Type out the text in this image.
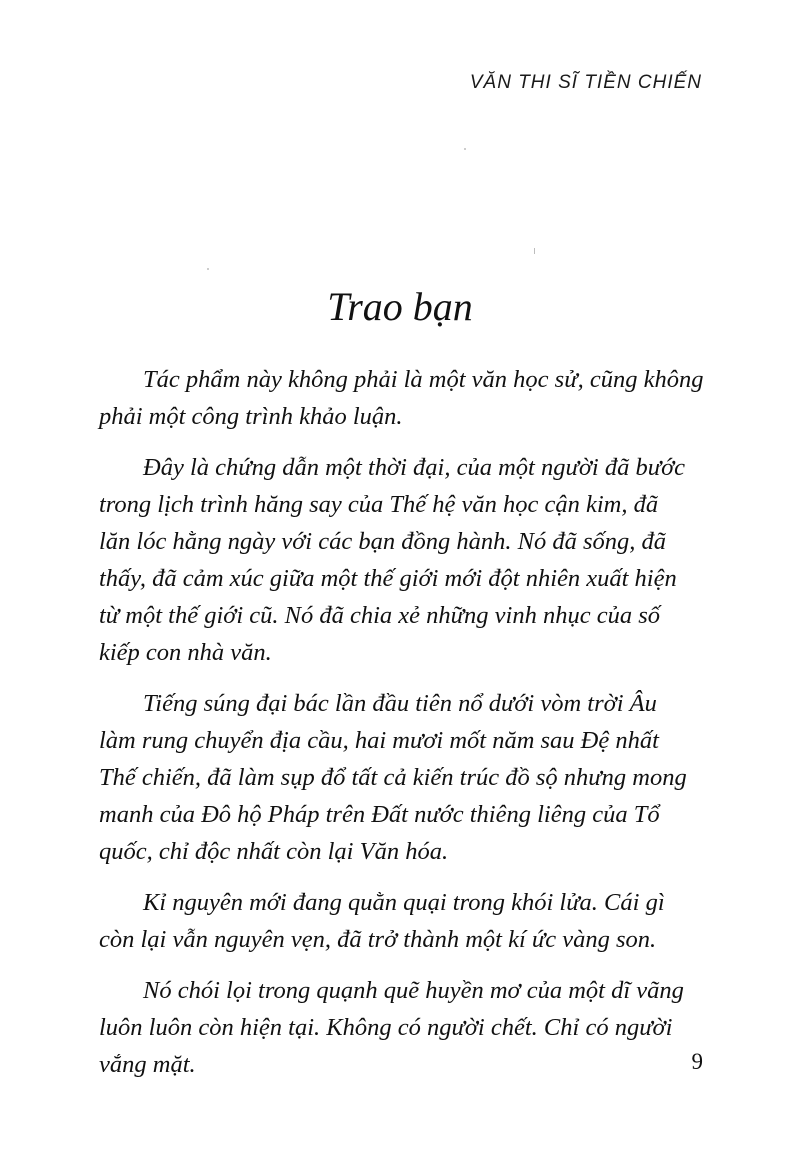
VĂN THI SĨ TIỀN CHIẾN
Trao bạn

Tác phẩm này không phải là một văn học sử, cũng không
phải một công trình khảo luận.

Đây là chứng dẫn một thời đại, của một người đã bước
trong lịch trình hăng say của Thế hệ văn học cận kim, đã
lăn lóc hằng ngày với các bạn đồng hành. Nó đã sống, đã
thấy, đã cảm xúc giữa một thế giới mới đột nhiên xuất hiện
từ một thế giới cũ. Nó đã chia xẻ những vinh nhục của số
kiếp con nhà văn.

Tiếng súng đại bác lần đầu tiên nổ dưới vòm trời Âu
làm rung chuyển địa cầu, hai mươi mốt năm sau Đệ nhất
Thế chiến, đã làm sụp đổ tất cả kiến trúc đồ sộ nhưng mong
manh của Đô hộ Pháp trên Đất nước thiêng liêng của Tổ
quốc, chỉ độc nhất còn lại Văn hóa.

Kỉ nguyên mới đang quằn quại trong khói lửa. Cái gì
còn lại vẫn nguyên vẹn, đã trở thành một kí ức vàng son.

Nó chói lọi trong quạnh quẽ huyền mơ của một dĩ vãng
luôn luôn còn hiện tại. Không có người chết. Chỉ có người
vắng mặt.	9
